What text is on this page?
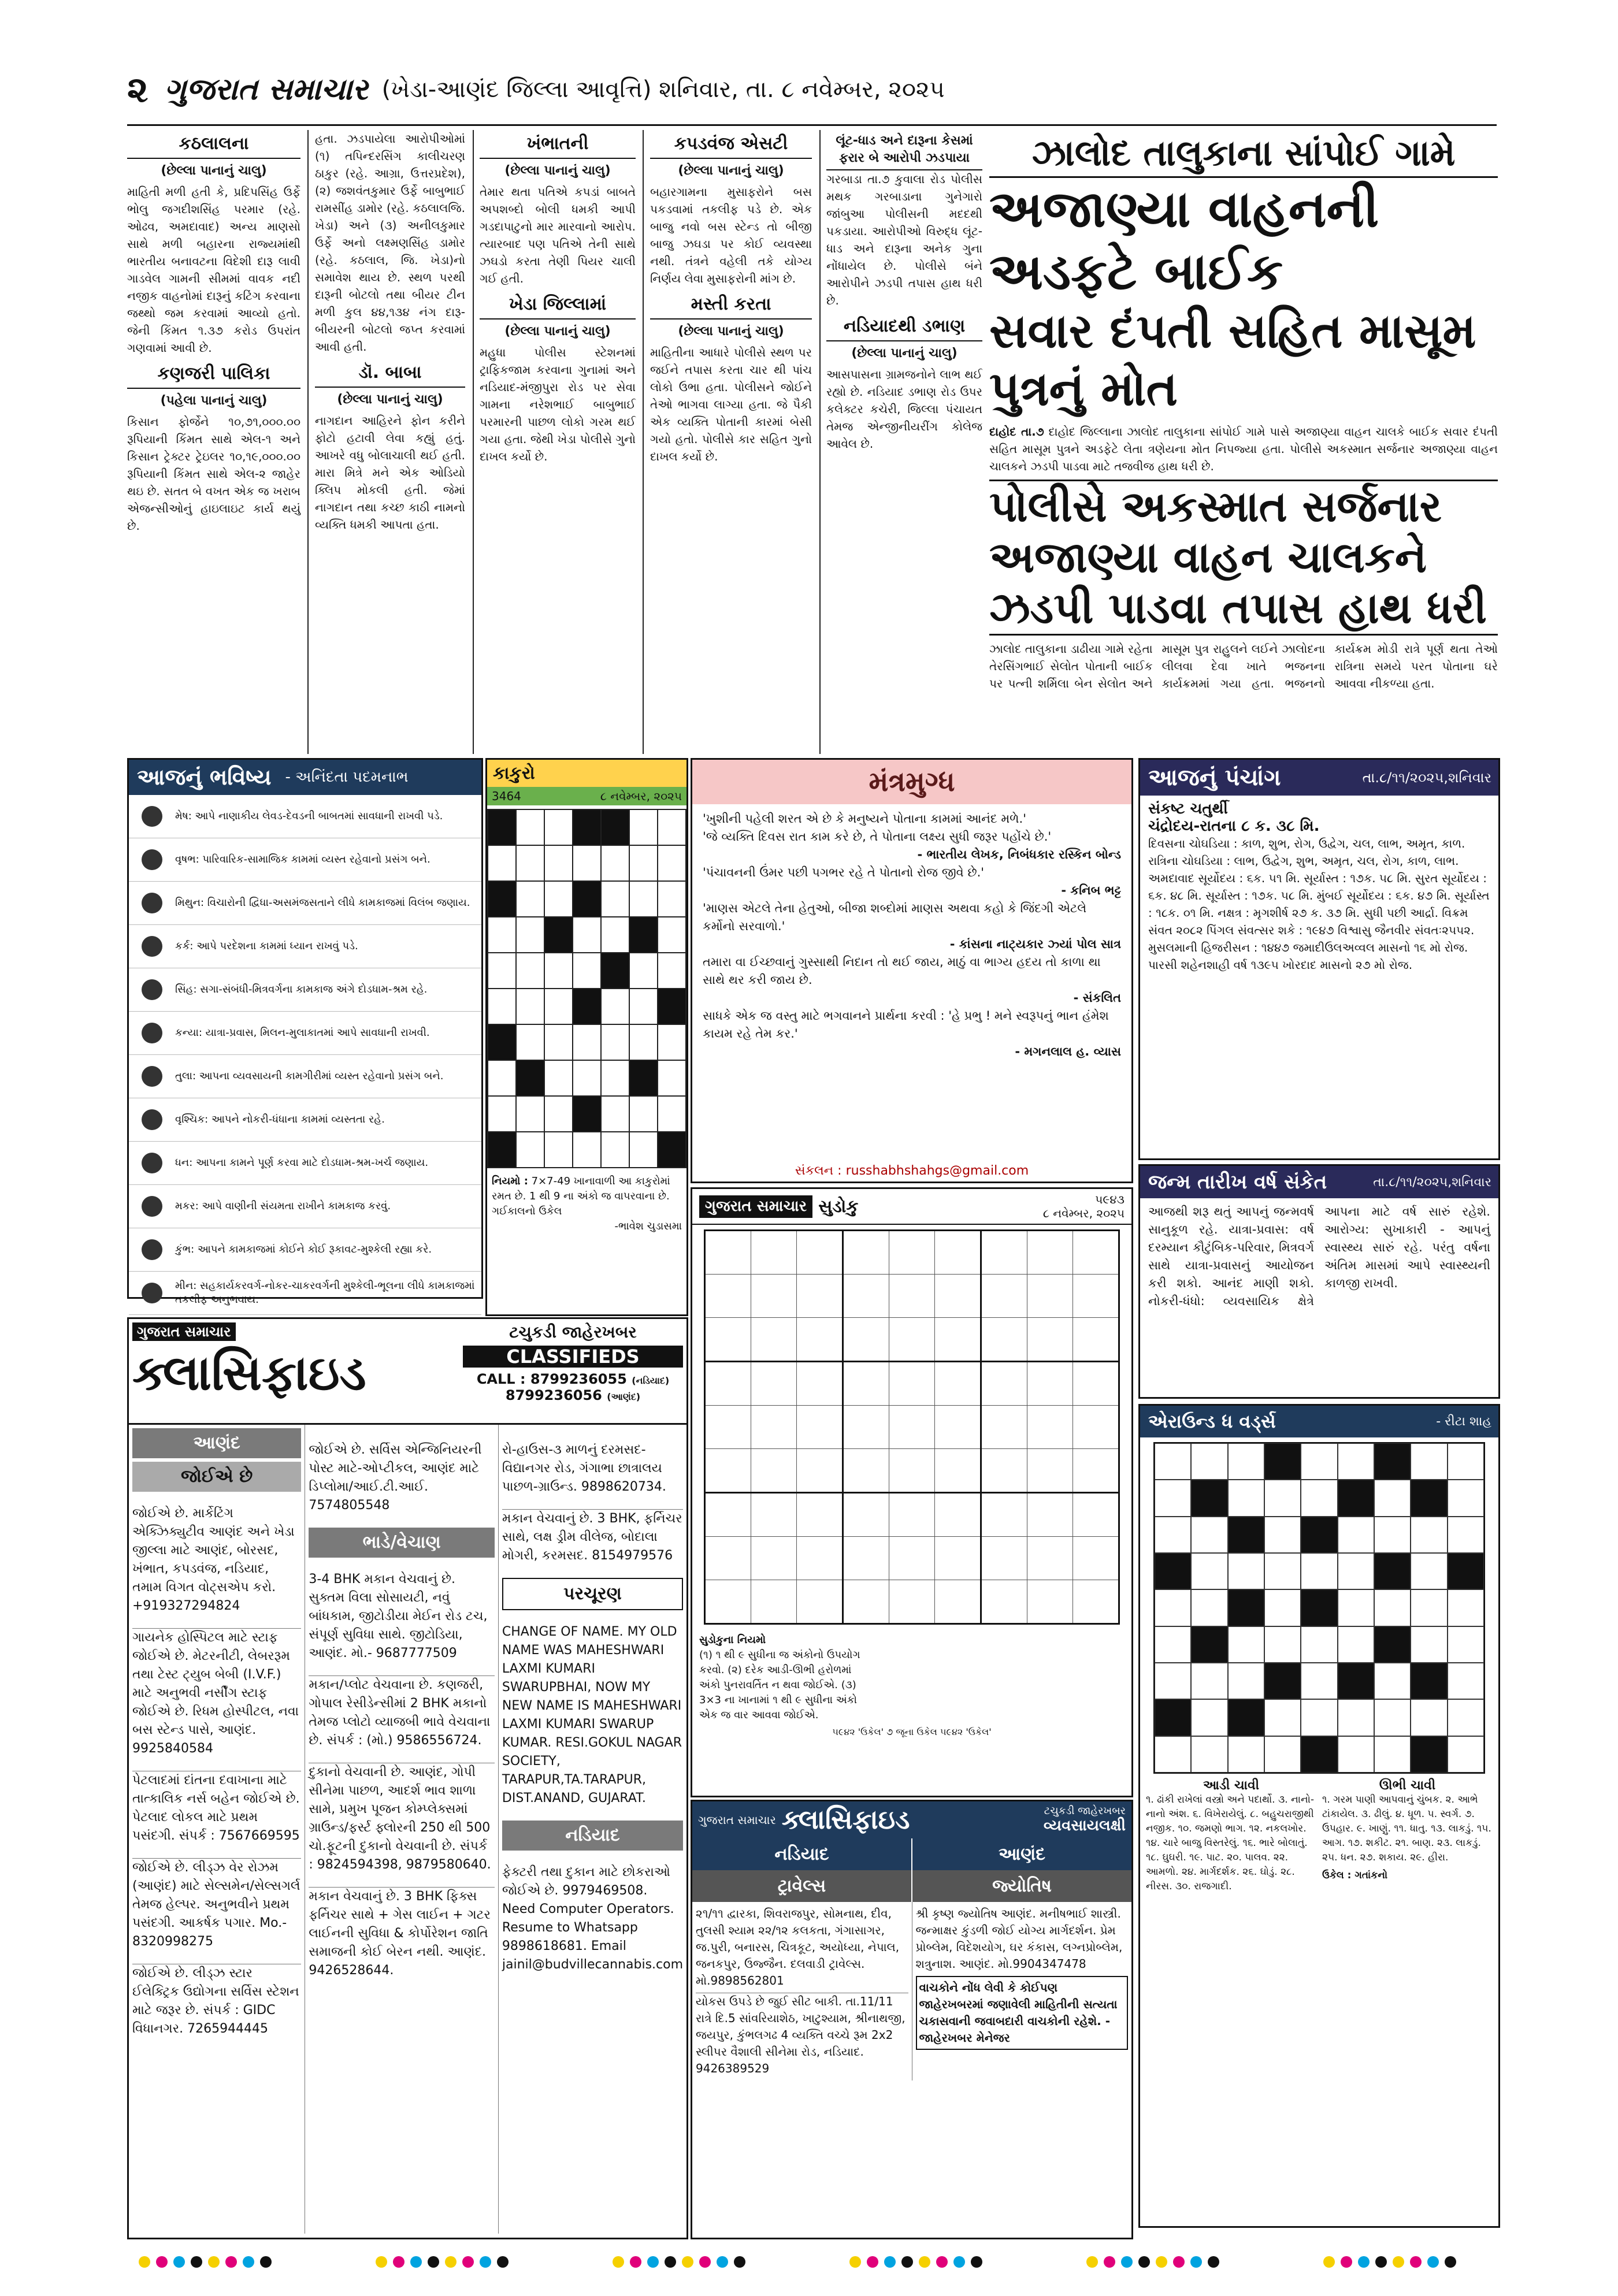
૨ ગુજરાત સમાચાર (ખેડા-આણંદ જિલ્લા આવૃત્તિ) શનિવાર, તા. ૮ નવેમ્બર, ૨૦૨૫
કઠલાલના
(છેલ્લા પાનાનું ચાલુ)

માહિતી મળી હતી કે, પ્રદિપસિંહ ઉર્ફે ભોલુ જગદીશસિંહ પરમાર (રહે. ઓઢવ, અમદાવાદ) અન્ય માણસો સાથે મળી બહારના રાજ્યમાંથી ભારતીય બનાવટના વિદેશી દારૂ લાવી ગાડવેલ ગામની સીમમાં વાવક નદી નજીક વાહનોમાં દારૂનું કટિંગ કરવાના જથ્થો જમ કરવામાં આવ્યો હતો. જેની કિંમત ૧.૩૭ કરોડ ઉપરાંત ગણવામાં આવી છે.

કણજરી પાલિકા
(પહેલા પાનાનું ચાલુ)

કિસાન ફોર્જેને ૧૦,૭૧,૦૦૦.૦૦ રૂપિયાની કિંમત સાથે એલ-૧ અને કિસાન ટ્રેક્ટર ટ્રેઇલર ૧૦,૧૯,૦૦૦.૦૦ રૂપિયાની કિંમત સાથે એલ-૨ જાહેર થઇ છે. સતત બે વખત એક જ ખરાબ એજન્સીઓનું હાઇલાઇટ કાર્ય થયું છે.

હતા. ઝડપાયેલા આરોપીઓમાં (૧) તપિન્દરસિંગ કાલીચરણ ઠાકુર (રહે. આગ્રા, ઉત્તરપ્રદેશ), (૨) જશવંતકુમાર ઉર્ફે બાબુભાઈ રામસીંહ ડામોર (રહે. કઠલાલજિ. ખેડા) અને (૩) અનીલકુમાર ઉર્ફે અનો લક્ષ્મણસિંહ ડામોર (રહે. કઠલાલ, જિ. ખેડા)નો સમાવેશ થાય છે. સ્થળ પરથી દારૂની બોટલો તથા બીયર ટીન મળી કુલ ૪૪,૧૩૪ નંગ દારૂ-બીયરની બોટલો જપ્ત કરવામાં આવી હતી.

ડૉ. બાબા
(છેલ્લા પાનાનું ચાલુ)

નાગદાન આહિરને ફોન કરીને ફોટો હટાવી લેવા કહ્યું હતું. આખરે વધુ બોલાચાલી થઈ હતી. મારા મિત્રે મને એક ઓડિયો ક્લિપ મોકલી હતી. જેમાં નાગદાન તથા કચ્છ કાઠી નામનો વ્યક્તિ ધમકી આપતા હતા.

ખંભાતની
(છેલ્લા પાનાનું ચાલુ)

તેમાર થતા પતિએ કપડાં બાબતે અપશબ્દો બોલી ધમકી આપી ગડદાપાટુનો માર મારવાનો આરોપ. ત્યારબાદ પણ પતિએ તેની સાથે ઝઘડો કરતા તેણી પિયર ચાલી ગઈ હતી.

ખેડા જિલ્લામાં
(છેલ્લા પાનાનું ચાલુ)

મહુધા પોલીસ સ્ટેશનમાં ટ્રાફિકજામ કરવાના ગુનામાં અને નડિયાદ-મંજીપુરા રોડ પર સેવા ગામના નરેશભાઈ બાબુભાઈ પરમારની પાછળ લોકો ગરમ થઈ ગયા હતા. જેથી ખેડા પોલીસે ગુનો દાખલ કર્યો છે.

કપડવંજ એસટી
(છેલ્લા પાનાનું ચાલુ)

બહારગામના મુસાફરોને બસ પકડવામાં તકલીફ પડે છે. એક બાજુ નવો બસ સ્ટેન્ડ તો બીજી બાજુ ઝઘડા પર કોઈ વ્યવસ્થા નથી. તંત્રને વહેલી તકે યોગ્ય નિર્ણય લેવા મુસાફરોની માંગ છે.

મસ્તી કરતા
(છેલ્લા પાનાનું ચાલુ)

માહિતીના આધારે પોલીસે સ્થળ પર જઈને તપાસ કરતા ચાર થી પાંચ લોકો ઉભા હતા. પોલીસને જોઈને તેઓ ભાગવા લાગ્યા હતા. જે પૈકી એક વ્યક્તિ પોતાની કારમાં બેસી ગયો હતો. પોલીસે કાર સહિત ગુનો દાખલ કર્યો છે.

લૂંટ-ધાડ અને દારૂના કેસમાં ફરાર બે આરોપી ઝડપાયા

ગરબાડા તા.૭ કુવાલા રોડ પોલીસ મથક ગરબાડાના ગુનેગારો જાંબુઆ પોલીસની મદદથી પકડાયા. આરોપીઓ વિરુદ્ધ લૂંટ-ધાડ અને દારૂના અનેક ગુના નોંધાયેલ છે. પોલીસે બંને આરોપીને ઝડપી તપાસ હાથ ધરી છે.

નડિયાદથી ડભાણ
(છેલ્લા પાનાનું ચાલુ)

આસપાસના ગ્રામજનોને લાભ થઈ રહ્યો છે. નડિયાદ ડભાણ રોડ ઉપર કલેક્ટર કચેરી, જિલ્લા પંચાયત તેમજ એન્જીનીયરીંગ કોલેજ આવેલ છે.

ઝાલોદ તાલુકાના સાંપોઈ ગામે
અજાણ્યા વાહનની અડફટે બાઈક
સવાર દંપતી સહિત માસૂમ પુત્રનું મોત
દાહોદ તા.૭ દાહોદ જિલ્લાના ઝાલોદ તાલુકાના સાંપોઈ ગામે પાસે અજાણ્યા વાહન ચાલકે બાઈક સવાર દંપતી સહિત માસૂમ પુત્રને અડફેટે લેતા ત્રણેયના મોત નિપજ્યા હતા. પોલીસે અકસ્માત સર્જનાર અજાણ્યા વાહન ચાલકને ઝડપી પાડવા માટે તજવીજ હાથ ધરી છે.
પોલીસે અકસ્માત સર્જનાર અજાણ્યા વાહન ચાલકને ઝડપી પાડવા તપાસ હાથ ધરી
ઝાલોદ તાલુકાના ડાઢીયા ગામે રહેતા તેરસિંગભાઈ સેલોત પોતાની બાઈક પર પત્ની શર્મિલા બેન સેલોત અને માસૂમ પુત્ર રાહુલને લઈને ઝાલોદના લીલવા દેવા ખાતે ભજનના કાર્યક્રમમાં ગયા હતા. ભજનનો કાર્યક્રમ મોડી રાત્રે પૂર્ણ થતા તેઓ રાત્રિના સમયે પરત પોતાના ઘરે આવવા નીકળ્યા હતા.
મંત્રમુગ્ધ

'ખુશીની પહેલી શરત એ છે કે મનુષ્યને પોતાના કામમાં આનંદ મળે.'

'જે વ્યક્તિ દિવસ રાત કામ કરે છે, તે પોતાના લક્ષ્ય સુધી જરૂર પહોંચે છે.'

- ભારતીય લેખક, નિબંધકાર રસ્કિન બોન્ડ

'પંચાવનની ઉંમર પછી પગભર રહે તે પોતાનો રોજ જીવે છે.'

- કનિબ ભટ્ટ

'માણસ એટલે તેના હેતુઓ, બીજા શબ્દોમાં માણસ અથવા કહો કે જિંદગી એટલે કર્મોનો સરવાળો.'

- કાંસના નાટ્યકાર ઝ્યાં પોલ સાત્ર

તમારા વા ઈચ્છવાનું ગુસ્સાથી નિદાન તો થઈ જાય, માઠું વા ભાગ્ય હદય તો કાળા થા સાથે થર કરી જાય છે.

- સંકલિત

સાધકે એક જ વસ્તુ માટે ભગવાનને પ્રાર્થના કરવી : 'હે પ્રભુ ! મને સ્વરૂપનું ભાન હંમેશ કાયમ રહે તેમ કર.'

- મગનલાલ હ. વ્યાસ

સંકલન : russhabhshahgs@gmail.com
આજનું પંચાંગ	તા.૮/૧૧/૨૦૨૫,શનિવાર
સંકષ્ટ ચતુર્થી
ચંદ્રોદય-રાતના ૮ ક. ૩૮ મિ.
દિવસના ચોઘડિયા : કાળ, શુભ, રોગ, ઉદ્વેગ, ચલ, લાભ, અમૃત, કાળ. રાત્રિના ચોઘડિયા : લાભ, ઉદ્વેગ, શુભ, અમૃત, ચલ, રોગ, કાળ, લાભ. અમદાવાદ સૂર્યોદય : ૬ક. ૫૧ મિ. સૂર્યાસ્ત : ૧૭ક. ૫૮ મિ. સુરત સૂર્યોદય : ૬ક. ૪૮ મિ. સૂર્યાસ્ત : ૧૭ક. ૫૮ મિ. મુંબઈ સૂર્યોદય : ૬ક. ૪૭ મિ. સૂર્યાસ્ત : ૧૮ક. ૦૧ મિ. નક્ષત્ર : મૃગશીર્ષ ૨૭ ક. ૩૭ મિ. સુધી પછી આર્દ્રા. વિક્રમ સંવત ૨૦૮૨ પિંગલ સંવત્સર શકે : ૧૯૪૭ વિશ્વાસુ જૈનવીર સંવતઃ૨૫૫૨. મુસલમાની હિજરીસન : ૧૪૪૭ જમાદીઉલઅવ્વલ માસનો ૧૬ મો રોજ. પારસી શહેનશાહી વર્ષ ૧૩૯૫ ખોરદાદ માસનો ૨૭ મો રોજ.
જન્મ તારીખ વર્ષ સંકેત	તા.૮/૧૧/૨૦૨૫,શનિવાર
આજથી શરૂ થતું આપનું જન્મવર્ષ સાનુકૂળ રહે. યાત્રા-પ્રવાસ: વર્ષ દરમ્યાન કૌટુંબિક-પરિવાર, મિત્રવર્ગ સાથે યાત્રા-પ્રવાસનું આયોજન કરી શકો. આનંદ માણી શકો. નોકરી-ધંધો: વ્યવસાયિક ક્ષેત્રે આપના માટે વર્ષ સારું રહેશે. આરોગ્ય: સુખાકારી - આપનું સ્વાસ્થ્ય સારું રહે. પરંતુ વર્ષના અંતિમ માસમાં આપે સ્વાસ્થ્યની કાળજી રાખવી.
આજનું ભવિષ્ય - અનિંદતા પદમનાભ
મેષ: આપે નાણાકીય લેવડ-દેવડની બાબતમાં સાવધાની રાખવી પડે.
વૃષભ: પારિવારિક-સામાજિક કામમાં વ્યસ્ત રહેવાનો પ્રસંગ બને.
મિથુન: વિચારોની દ્વિધા-અસમંજસતાને લીધે કામકાજમાં વિલંબ જણાય.
કર્ક: આપે પરદેશના કામમાં ધ્યાન રાખવું પડે.
સિંહ: સગા-સંબંધી-મિત્રવર્ગના કામકાજ અંગે દોડધામ-શ્રમ રહે.
કન્યા: યાત્રા-પ્રવાસ, મિલન-મુલાકાતમાં આપે સાવધાની રાખવી.
તુલા: આપના વ્યવસાયની કામગીરીમાં વ્યસ્ત રહેવાનો પ્રસંગ બને.
વૃશ્ચિક: આપને નોકરી-ધંધાના કામમાં વ્યસ્તતા રહે.
ધન: આપના કામને પૂર્ણ કરવા માટે દોડધામ-શ્રમ-ખર્ચ જણાય.
મકર: આપે વાણીની સંયમતા રાખીને કામકાજ કરવું.
કુંભ: આપને કામકાજમાં કોઈને કોઈ રૂકાવટ-મુશ્કેલી રહ્યા કરે.
મીન: સહકાર્યકરવર્ગ-નોકર-ચાકરવર્ગની મુશ્કેલી-ભૂલના લીધે કામકાજમાં તકલીફ અનુભવાય.
કાકુરો
3464	૮ નવેમ્બર, ૨૦૨૫

નિયમો : 7×7-49 ખાનાવાળી આ કાકુરોમાં રમત છે. 1 થી 9 ના અંકો જ વાપરવાના છે.
ગઈકાલનો ઉકેલ
-ભાવેશ ચુડાસમા
ગુજરાત સમાચાર સુડોકુ	૫૯૪૩
૮ નવેમ્બર, ૨૦૨૫

સુડોકુના નિયમો
(૧) ૧ થી ૯ સુધીના જ અંકોનો ઉપયોગ કરવો. (૨) દરેક આડી-ઊભી હરોળમાં અંકો પુનરાવર્તિત ન થવા જોઈએ. (૩) 3×3 ના ખાનામાં ૧ થી ૯ સુધીના અંકો એક જ વાર આવવા જોઈએ.
૫૯૪૨ 'ઉકેલ' ૭ જૂના ઉકેલ ૫૯૪૨ 'ઉકેલ'
એરાઉન્ડ ધ વર્ડ્સ	- રીટા શાહ
આડી ચાવી
૧. ઢાંકી રાખેલાં વસ્ત્રો અને પદાર્થો. ૩. નાનો-નાનો અંશ. ૬. વિખેરાયેલું. ૮. બહુચરાજીથી નજીક. ૧૦. જમણો ભાગ. ૧૨. નકલખોર. ૧૪. ચારે બાજુ વિસ્તરેલું. ૧૬. ભારે બોલાતું. ૧૮. ઘુઘરી. ૧૯. પાટ. ૨૦. પાલવ. ૨૨. આમળો. ૨૪. માર્ગદર્શક. ૨૬. ઘોડું. ૨૮. નીરસ. ૩૦. રાજગાદી.
ઊભી ચાવી
૧. ગરમ પાણી આપવાનું ચુંબક. ૨. આભે ટાંકાયેલ. ૩. ઢીલું. ૪. ધૂળ. ૫. સ્વર્ગ. ૭. ઉપહાર. ૯. ખાણું. ૧૧. ધાતુ. ૧૩. લાકડું. ૧૫. આગ. ૧૭. શકીટ. ૨૧. બાણ. ૨૩. લાકડું. ૨૫. ધન. ૨૭. શકાય. ૨૯. હીરા.
ઉકેલ : ગતાંકનો
ગુજરાત સમાચાર
ક્લાસિફાઇડ
ટચુકડી જાહેરખબર
CLASSIFIEDS
CALL : 8799236055 (નડિયાદ)
8799236056 (આણંદ)
આણંદ
જોઈએ છે

જોઈએ છે. માર્કેટિંગ એક્ઝિક્યુટીવ આણંદ અને ખેડા જીલ્લા માટે આણંદ, બોરસદ, ખંભાત, કપડવંજ, નડિયાદ, તમામ વિગત વોટ્સએપ કરો. +919327294824

ગાયનેક હોસ્પિટલ માટે સ્ટાફ જોઈએ છે. મેટરનીટી, લેબરરૂમ તથા ટેસ્ટ ટ્યુબ બેબી (I.V.F.) માટે અનુભવી નર્સીંગ સ્ટાફ જોઈએ છે. રિધમ હોસ્પીટલ, નવા બસ સ્ટેન્ડ પાસે, આણંદ. 9925840584

પેટલાદમાં દાંતના દવાખાના માટે તાત્કાલિક નર્સ બહેન જોઈએ છે. પેટલાદ લોકલ માટે પ્રથમ પસંદગી. સંપર્ક : 7567669595

જોઈએ છે. લીડ્ઝ વેર રોઝમ (આણંદ) માટે સેલ્સમેન/સેલ્સગર્લ તેમજ હેલ્પર. અનુભવીને પ્રથમ પસંદગી. આકર્ષક પગાર. Mo.- 8320998275

જોઈએ છે. લીડ્ઝ સ્ટાર ઈલેક્ટ્રિક ઉદ્યોગના સર્વિસ સ્ટેશન માટે જરૂર છે. સંપર્ક : GIDC વિધાનગર. 7265944445

જોઈએ છે. સર્વિસ એન્જિનિયરની પોસ્ટ માટે-ઓપ્ટીકલ, આણંદ માટે ડિપ્લોમા/આઈ.ટી.આઈ. 7574805548

ભાડે/વેચાણ

3-4 BHK મકાન વેચવાનું છે. સુક્તમ વિલા સોસાયટી, નવું બાંધકામ, જીટોડીયા મેઈન રોડ ટચ, સંપૂર્ણ સુવિધા સાથે. જીટોડિયા, આણંદ. મો.- 9687777509

મકાન/પ્લોટ વેચવાના છે. કણજરી, ગોપાલ રેસીડેન્સીમાં 2 BHK મકાનો તેમજ પ્લોટો વ્યાજબી ભાવે વેચવાના છે. સંપર્ક : (મો.) 9586556724.

દુકાનો વેચવાની છે. આણંદ, ગોપી સીનેમા પાછળ, આદર્શ ભાવ શાળા સામે, પ્રમુખ પૂજન કોમ્પ્લેક્સમાં ગ્રાઉન્ડ/ફર્સ્ટ ફ્લોરની 250 થી 500 ચો.ફૂટની દુકાનો વેચવાની છે. સંપર્ક : 9824594398, 9879580640.

મકાન વેચવાનું છે. 3 BHK ફિક્સ ફર્નિચર સાથે + ગેસ લાઈન + ગટર લાઈનની સુવિધા & કોર્પોરેશન જાતિ સમાજની કોઈ બેરન નથી. આણંદ. 9426528644.

રો-હાઉસ-૩ માળનું દરમસદ-વિદ્યાનગર રોડ, ગંગાભા છાત્રાલય પાછળ-ગ્રાઉન્ડ. 9898620734.

મકાન વેચવાનું છે. 3 BHK, ફર્નિચર સાથે, લક્ષ ડ્રીમ વીલેજ, બોદાલા મોગરી, કરમસદ. 8154979576

પરચૂરણ

CHANGE OF NAME. MY OLD NAME WAS MAHESHWARI LAXMI KUMARI SWARUPBHAI, NOW MY NEW NAME IS MAHESHWARI LAXMI KUMARI SWARUP KUMAR. RESI.GOKUL NAGAR SOCIETY, TARAPUR,TA.TARAPUR, DIST.ANAND, GUJARAT.

નડિયાદ

ફેક્ટરી તથા દુકાન માટે છોકરાઓ જોઈએ છે. 9979469508. Need Computer Operators. Resume to Whatsapp 9898618681. Email jainil@budvillecannabis.com

ગુજરાત સમાચાર ક્લાસિફાઇડ	ટચુકડી જાહેરખબર
વ્યવસાયલક્ષી
નડિયાદ	આણંદ
ટ્રાવેલ્સ	જ્યોતિષ

૨૧/૧૧ દ્વારકા, શિવરાજપુર, સોમનાથ, દીવ, તુલસી શ્યામ ૨૨/૧૨ કલકતા, ગંગાસાગર, જ.પુરી, બનારસ, ચિત્રકૂટ, અયોધ્યા, નેપાલ, જનકપુર, ઉજ્જૈન. દલવાડી ટ્રાવેલ્સ. મો.9898562801

યોકસ ઉપડે છે જુઈ સીટ બાકી. તા.11/11 રાત્રે દિ.5 સાંવરિયાશેઠ, ખાટુશ્યામ, શ્રીનાથજી, જયપુર, કુંભલગઢ 4 વ્યક્તિ વચ્ચે રૂમ 2x2 સ્લીપર વૈશાલી સીનેમા રોડ, નડિયાદ. 9426389529

શ્રી કૃષ્ણ જ્યોતિષ આણંદ. મનીષભાઈ શાસ્ત્રી. જન્માક્ષર કુંડળી જોઈ યોગ્ય માર્ગદર્શન. પ્રેમ પ્રોબ્લેમ, વિદેશયોગ, ઘર કંકાસ, લગ્નપ્રોબ્લેમ, શત્રુનાશ. આણંદ. મો.9904347478

વાચકોને નોંધ લેવી કે કોઈપણ જાહેરખબરમાં જણાવેલી માહિતીની સત્યતા ચકાસવાની જવાબદારી વાચકોની રહેશે. - જાહેરખબર મેનેજર
